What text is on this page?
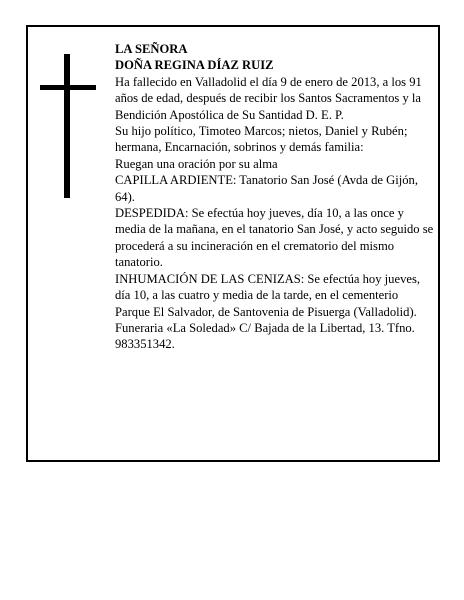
LA SEÑORA

DOÑA REGINA DÍAZ RUIZ

Ha fallecido en Valladolid el día 9 de enero de 2013, a los 91 años de edad, después de recibir los Santos Sacramentos y la Bendición Apostólica de Su Santidad D. E. P.

Su hijo político, Timoteo Marcos; nietos, Daniel y Rubén; hermana, Encarnación, sobrinos y demás familia:

Ruegan una oración por su alma

CAPILLA ARDIENTE: Tanatorio San José (Avda de Gijón, 64).

DESPEDIDA: Se efectúa hoy jueves, día 10, a las once y media de la mañana, en el tanatorio San José, y acto seguido se procederá a su incineración en el crematorio del mismo tanatorio.

INHUMACIÓN DE LAS CENIZAS: Se efectúa hoy jueves, día 10, a las cuatro y media de la tarde, en el cementerio Parque El Salvador, de Santovenia de Pisuerga (Valladolid).

Funeraria «La Soledad» C/ Bajada de la Libertad, 13. Tfno. 983351342.
